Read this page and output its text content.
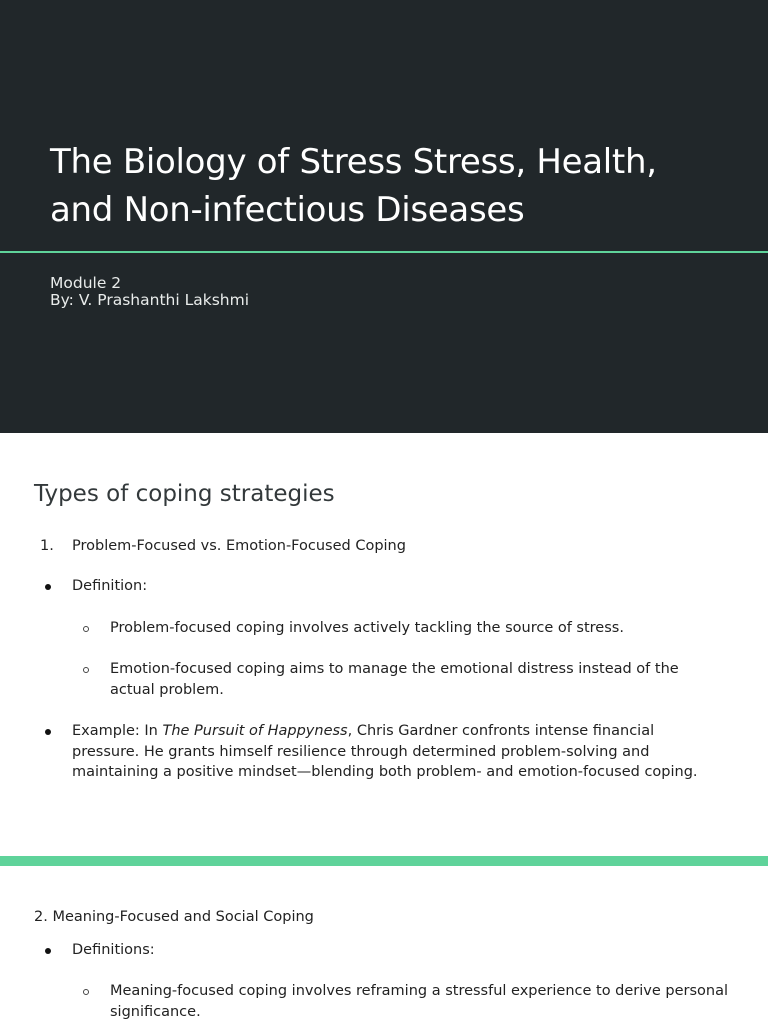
The Biology of Stress Stress, Health, and Non-infectious Diseases
Module 2
By: V. Prashanthi Lakshmi
Types of coping strategies
1. Problem-Focused vs. Emotion-Focused Coping
Definition:
Problem-focused coping involves actively tackling the source of stress.
Emotion-focused coping aims to manage the emotional distress instead of the actual problem.
Example: In The Pursuit of Happyness, Chris Gardner confronts intense financial pressure. He grants himself resilience through determined problem-solving and maintaining a positive mindset—blending both problem- and emotion-focused coping.
2. Meaning-Focused and Social Coping
Definitions:
Meaning-focused coping involves reframing a stressful experience to derive personal significance.
